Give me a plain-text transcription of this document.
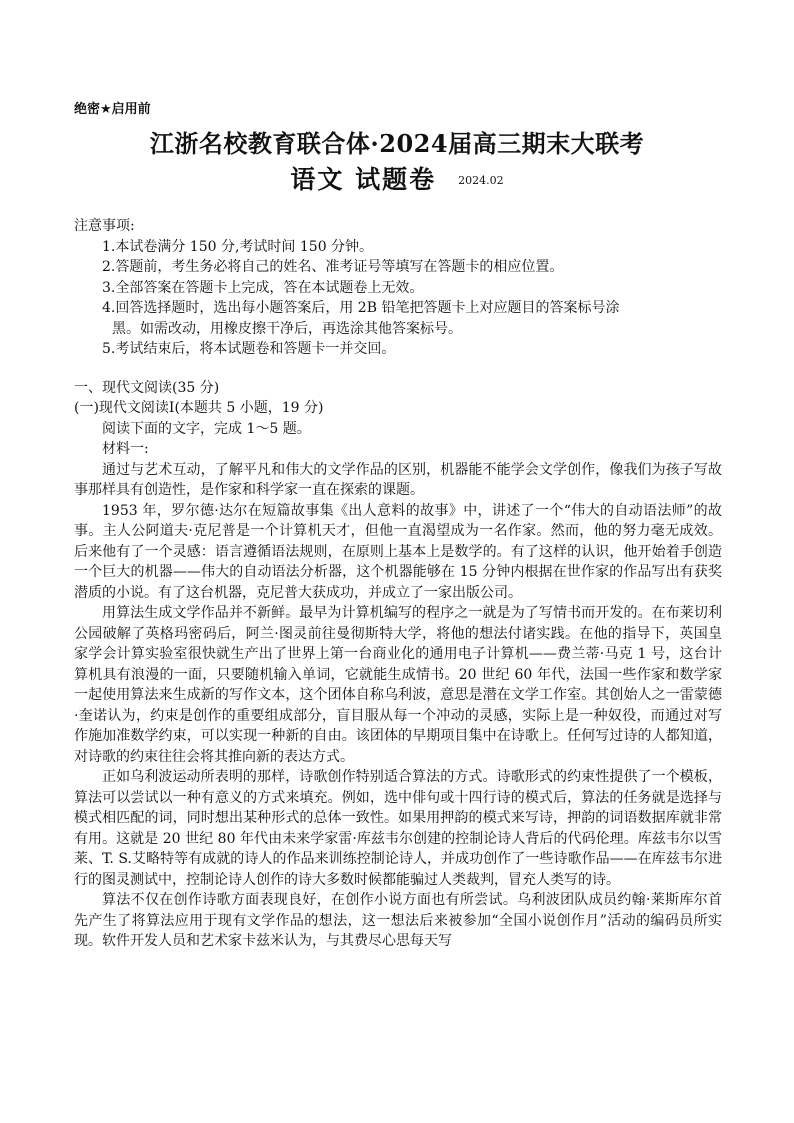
绝密★启用前
江浙名校教育联合体·2024届高三期末大联考
语文 试题卷 $^{2024.02}$

注意事项:

1.本试卷满分 150 分,考试时间 150 分钟。
2.答题前，考生务必将自己的姓名、准考证号等填写在答题卡的相应位置。
3.全部答案在答题卡上完成，答在本试题卷上无效。
4.回答选择题时，选出每小题答案后，用 2B 铅笔把答题卡上对应题目的答案标号涂
黑。如需改动，用橡皮擦干净后，再选涂其他答案标号。
5.考试结束后，将本试题卷和答题卡一并交回。

一、现代文阅读(35 分)

(一)现代文阅读Ⅰ(本题共 5 小题，19 分)

阅读下面的文字，完成 1～5 题。

材料一:

通过与艺术互动，了解平凡和伟大的文学作品的区别，机器能不能学会文学创作，像我们为孩子写故事那样具有创造性，是作家和科学家一直在探索的课题。

1953 年，罗尔德·达尔在短篇故事集《出人意料的故事》中，讲述了一个“伟大的自动语法师”的故事。主人公阿道夫·克尼普是一个计算机天才，但他一直渴望成为一名作家。然而，他的努力毫无成效。后来他有了一个灵感：语言遵循语法规则，在原则上基本上是数学的。有了这样的认识，他开始着手创造一个巨大的机器——伟大的自动语法分析器，这个机器能够在 15 分钟内根据在世作家的作品写出有获奖潜质的小说。有了这台机器，克尼普大获成功，并成立了一家出版公司。

用算法生成文学作品并不新鲜。最早为计算机编写的程序之一就是为了写情书而开发的。在布莱切利公园破解了英格玛密码后，阿兰·图灵前往曼彻斯特大学，将他的想法付诸实践。在他的指导下，英国皇家学会计算实验室很快就生产出了世界上第一台商业化的通用电子计算机——费兰蒂·马克 1 号，这台计算机具有浪漫的一面，只要随机输入单词，它就能生成情书。20 世纪 60 年代，法国一些作家和数学家一起使用算法来生成新的写作文本，这个团体自称乌利波，意思是潜在文学工作室。其创始人之一雷蒙德·奎诺认为，约束是创作的重要组成部分，盲目服从每一个冲动的灵感，实际上是一种奴役，而通过对写作施加准数学约束，可以实现一种新的自由。该团体的早期项目集中在诗歌上。任何写过诗的人都知道，对诗歌的约束往往会将其推向新的表达方式。

正如乌利波运动所表明的那样，诗歌创作特别适合算法的方式。诗歌形式的约束性提供了一个模板，算法可以尝试以一种有意义的方式来填充。例如，选中俳句或十四行诗的模式后，算法的任务就是选择与模式相匹配的词，同时想出某种形式的总体一致性。如果用押韵的模式来写诗，押韵的词语数据库就非常有用。这就是 20 世纪 80 年代由未来学家雷·库兹韦尔创建的控制论诗人背后的代码伦理。库兹韦尔以雪莱、T. S.艾略特等有成就的诗人的作品来训练控制论诗人，并成功创作了一些诗歌作品——在库兹韦尔进行的图灵测试中，控制论诗人创作的诗大多数时候都能骗过人类裁判，冒充人类写的诗。

算法不仅在创作诗歌方面表现良好，在创作小说方面也有所尝试。乌利波团队成员约翰·莱斯库尔首先产生了将算法应用于现有文学作品的想法，这一想法后来被参加“全国小说创作月”活动的编码员所实现。软件开发人员和艺术家卡兹米认为，与其费尽心思每天写
